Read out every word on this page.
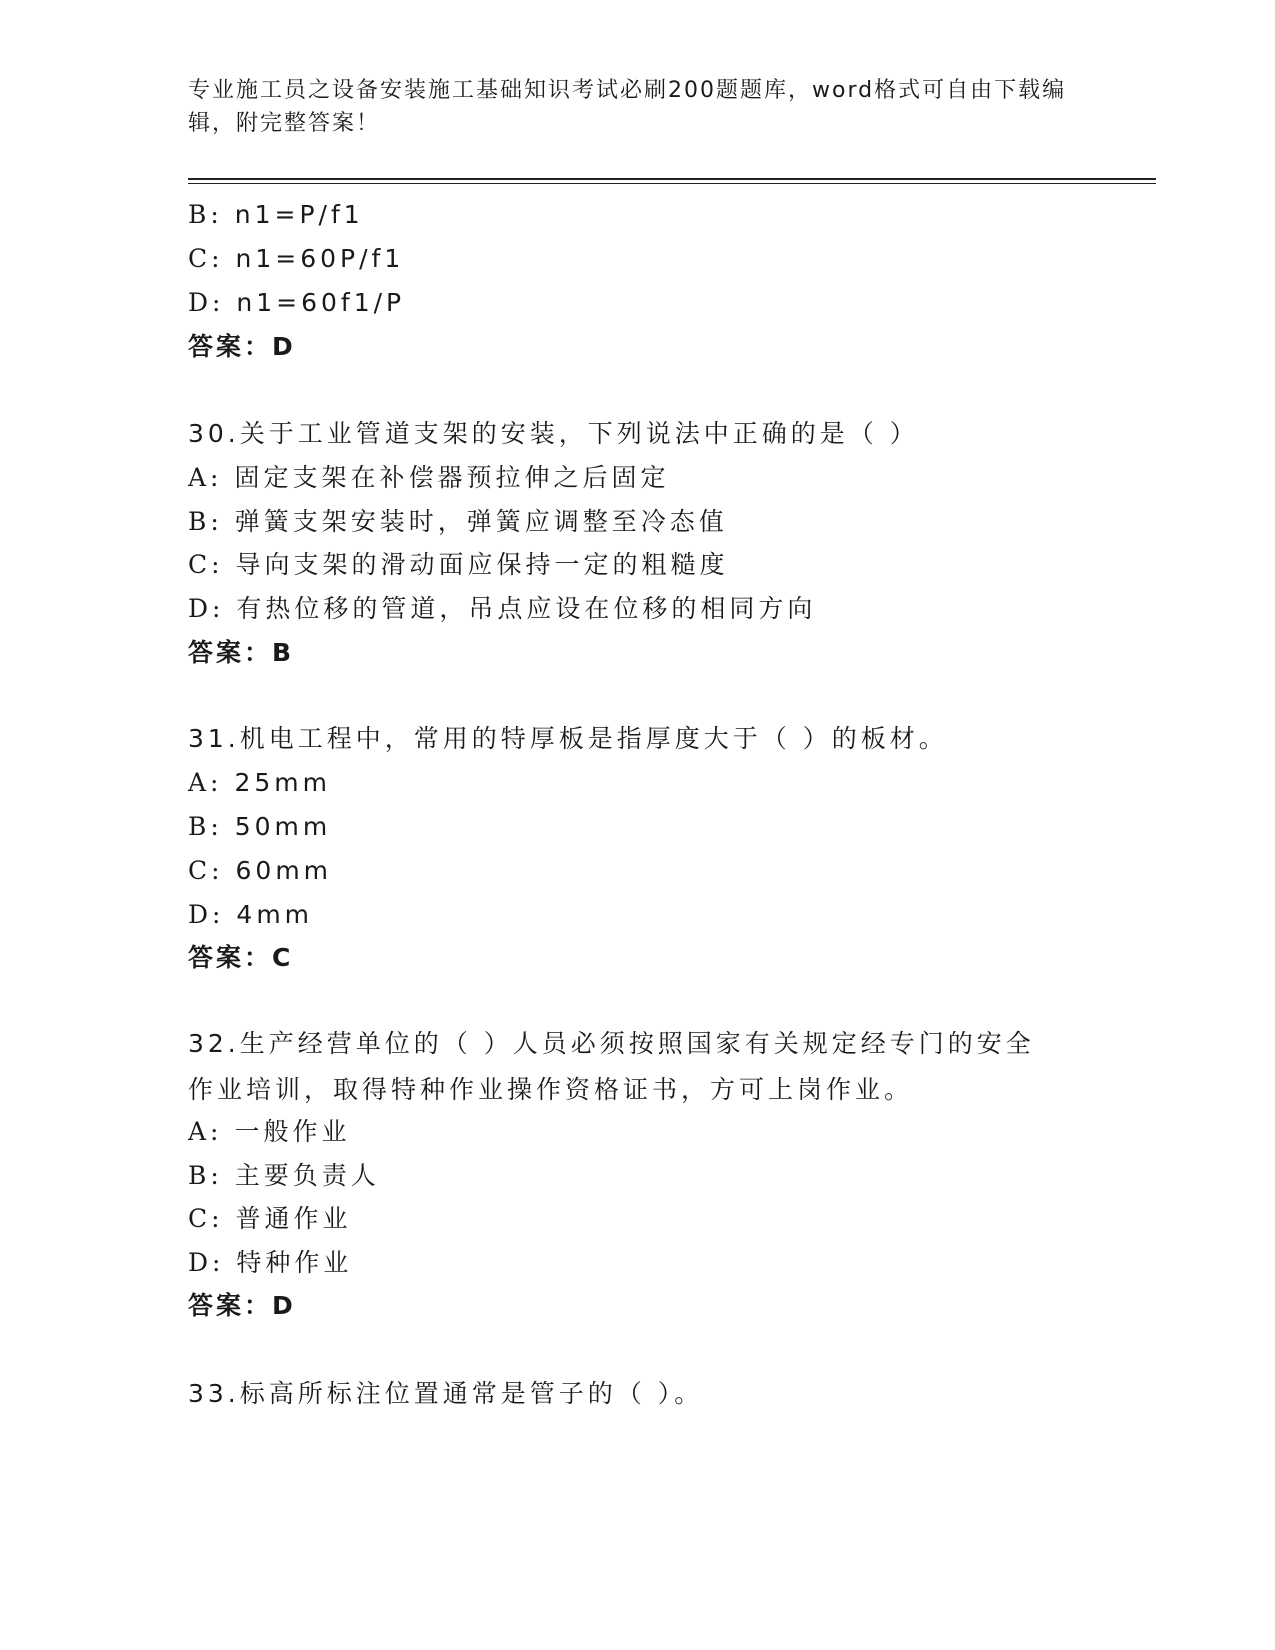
专业施工员之设备安装施工基础知识考试必刷200题题库，word格式可自由下载编辑，附完整答案！
B: n1=P/f1
C: n1=60P/f1
D: n1=60f1/P
答案：D
30.关于工业管道支架的安装，下列说法中正确的是（ ）
A: 固定支架在补偿器预拉伸之后固定
B: 弹簧支架安装时，弹簧应调整至冷态值
C: 导向支架的滑动面应保持一定的粗糙度
D: 有热位移的管道，吊点应设在位移的相同方向
答案：B
31.机电工程中，常用的特厚板是指厚度大于（ ）的板材。
A: 25mm
B: 50mm
C: 60mm
D: 4mm
答案：C
32.生产经营单位的（ ）人员必须按照国家有关规定经专门的安全作业培训，取得特种作业操作资格证书，方可上岗作业。
A: 一般作业
B: 主要负责人
C: 普通作业
D: 特种作业
答案：D
33.标高所标注位置通常是管子的（ ）。
